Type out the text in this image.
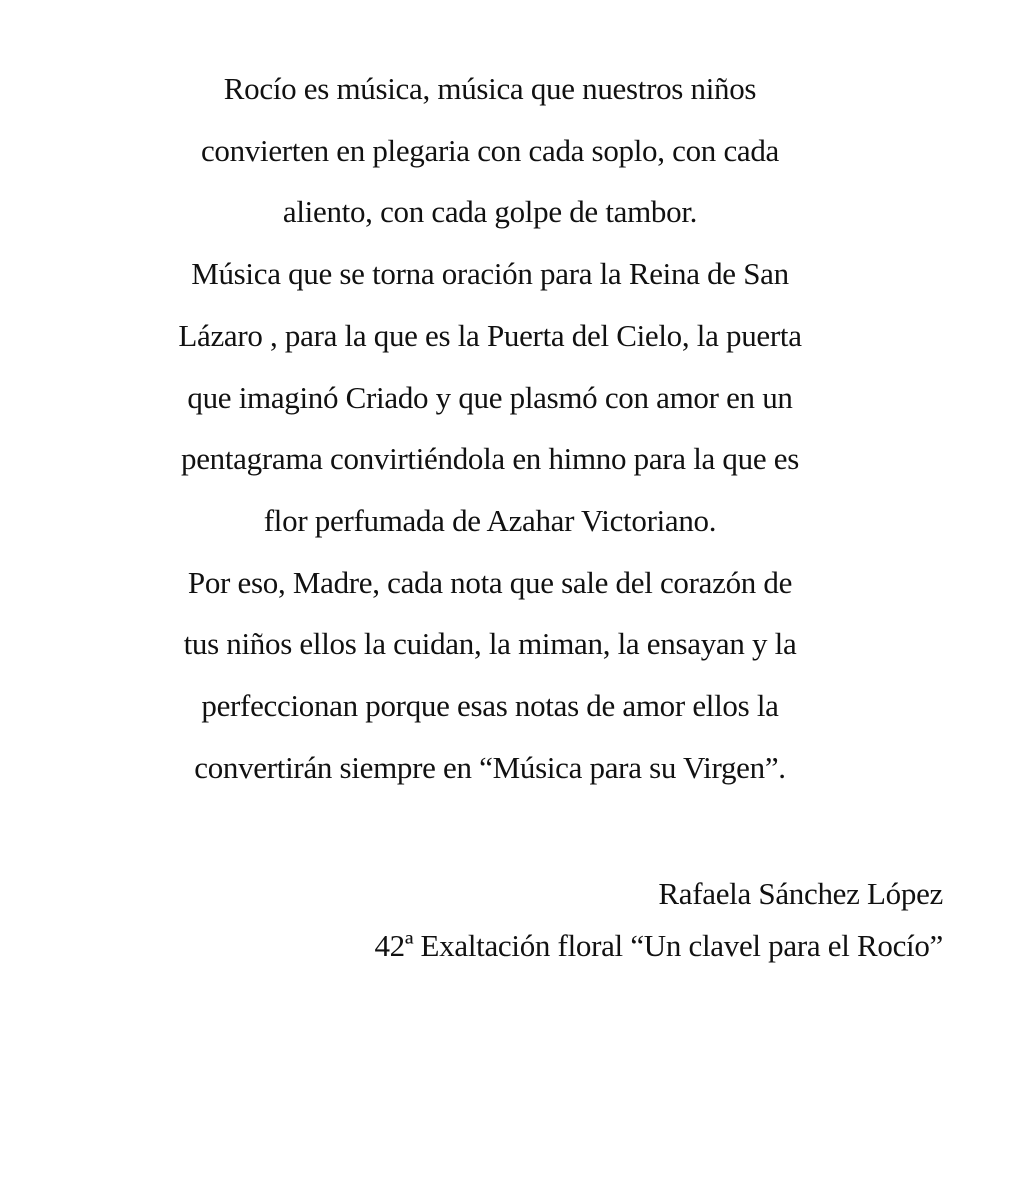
Rocío es música, música que nuestros niños
convierten en plegaria con cada soplo, con cada
aliento, con cada golpe de tambor.
Música que se torna oración para la Reina de San
Lázaro , para la que es la Puerta del Cielo, la puerta
que imaginó Criado y que plasmó con amor en un
pentagrama convirtiéndola en himno para la que es
flor perfumada de Azahar Victoriano.
Por eso, Madre, cada nota que sale del corazón de
tus niños ellos la cuidan, la miman, la ensayan y la
perfeccionan porque esas notas de amor ellos la
convertirán siempre en “Música para su Virgen”.
Rafaela Sánchez López
42ª Exaltación floral “Un clavel para el Rocío”
